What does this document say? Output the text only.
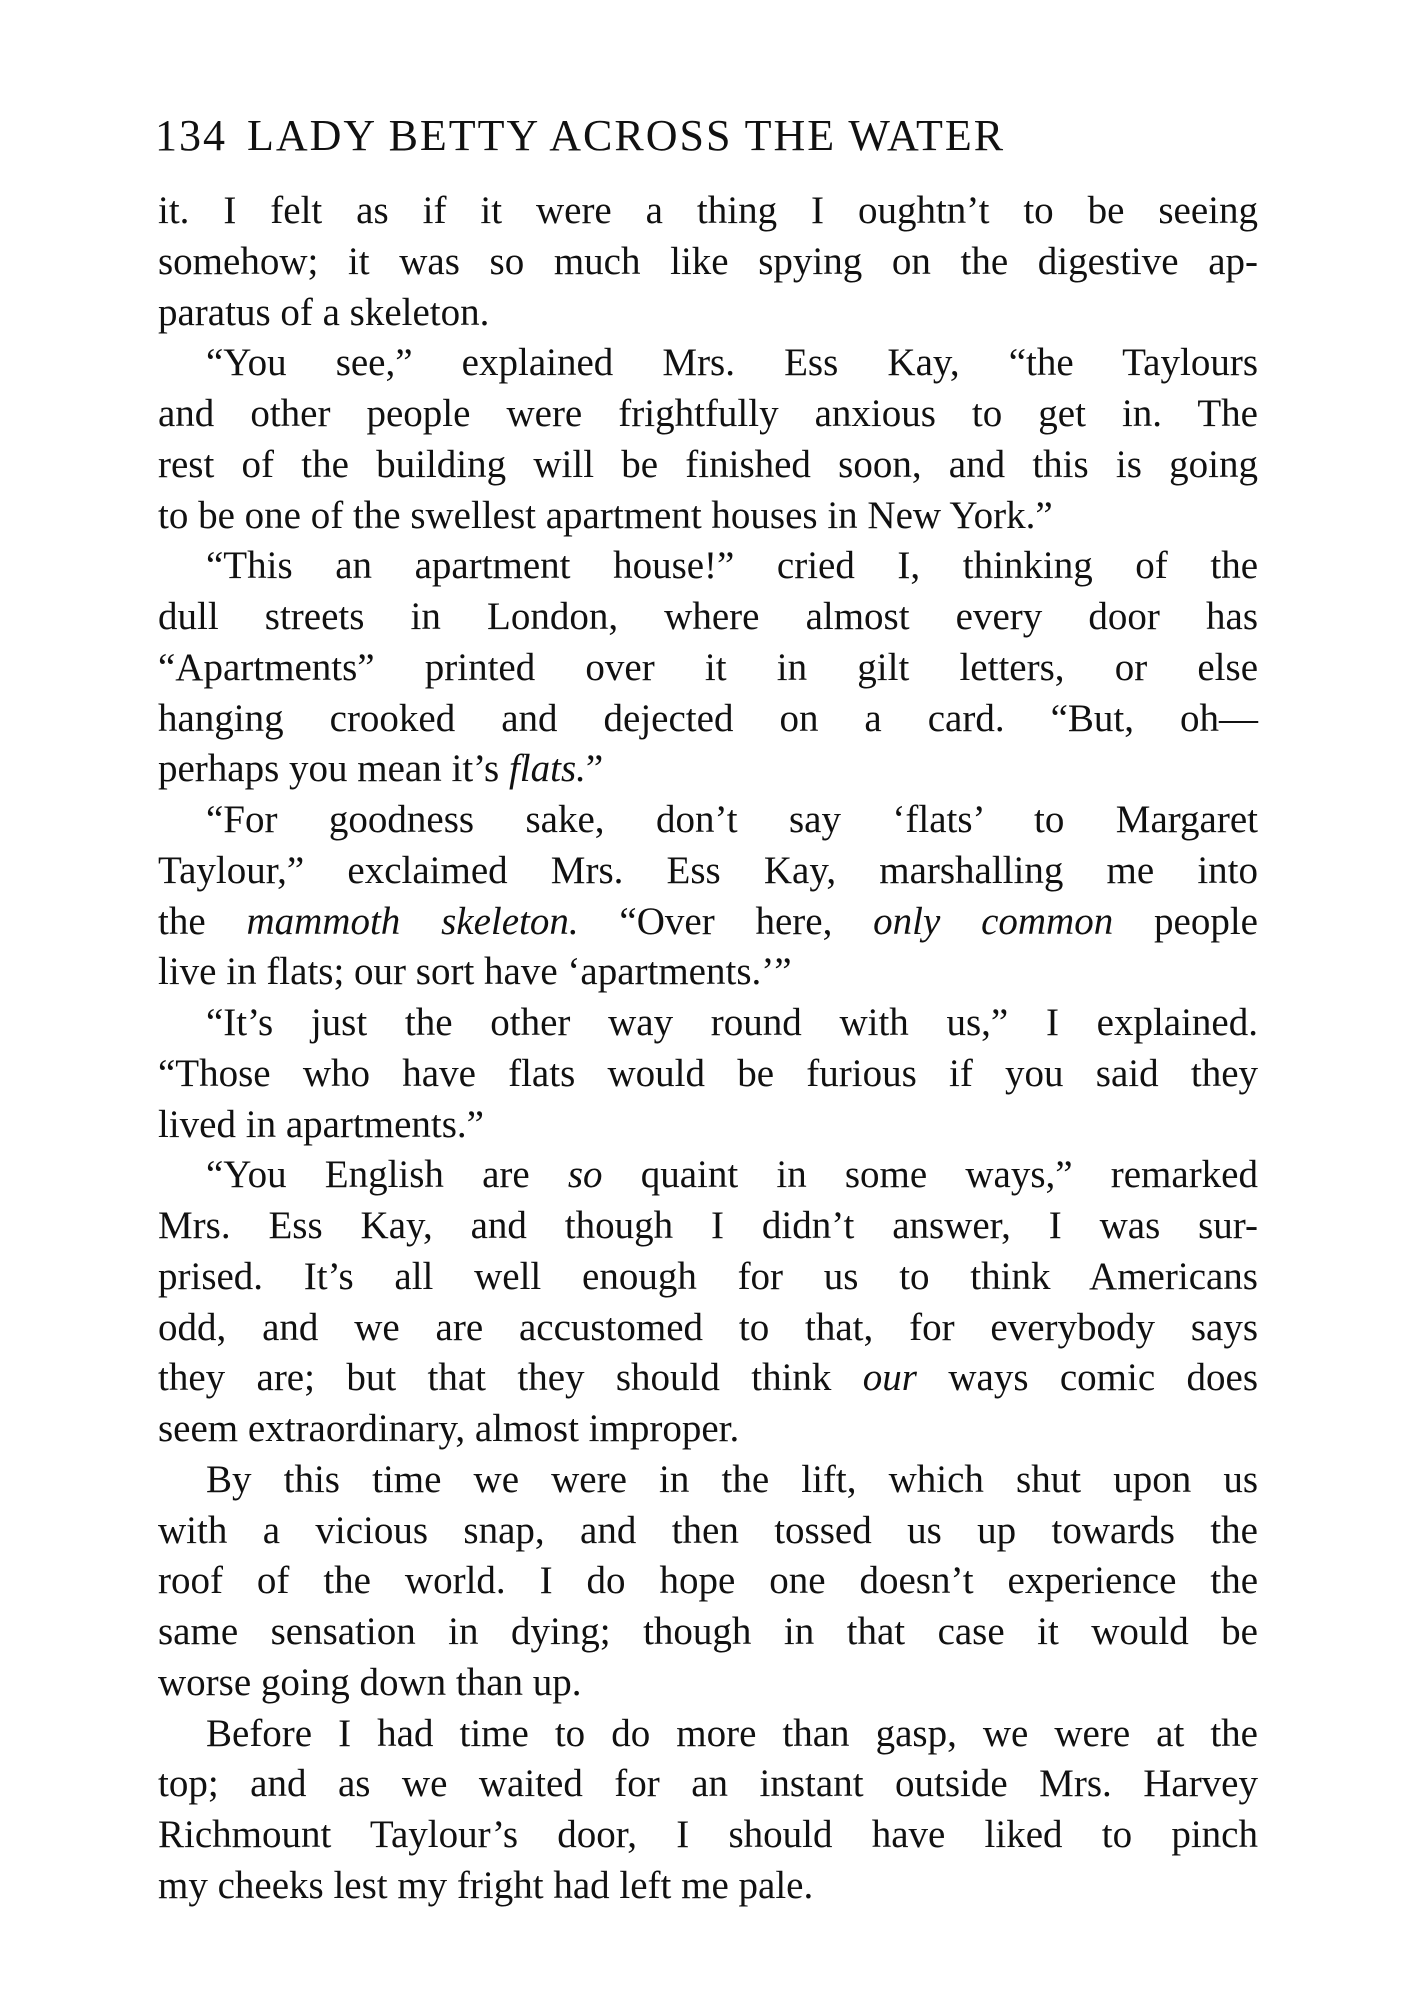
134 LADY BETTY ACROSS THE WATER
it. I felt as if it were a thing I oughtn’t to be seeing
somehow; it was so much like spying on the digestive ap-
paratus of a skeleton.
“You see,” explained Mrs. Ess Kay, “the Taylours
and other people were frightfully anxious to get in. The
rest of the building will be finished soon, and this is going
to be one of the swellest apartment houses in New York.”
“This an apartment house!” cried I, thinking of the
dull streets in London, where almost every door has
“Apartments” printed over it in gilt letters, or else
hanging crooked and dejected on a card. “But, oh—
perhaps you mean it’s flats.”
“For goodness sake, don’t say ‘flats’ to Margaret
Taylour,” exclaimed Mrs. Ess Kay, marshalling me into
the mammoth skeleton. “Over here, only common people
live in flats; our sort have ‘apartments.’”
“It’s just the other way round with us,” I explained.
“Those who have flats would be furious if you said they
lived in apartments.”
“You English are so quaint in some ways,” remarked
Mrs. Ess Kay, and though I didn’t answer, I was sur-
prised. It’s all well enough for us to think Americans
odd, and we are accustomed to that, for everybody says
they are; but that they should think our ways comic does
seem extraordinary, almost improper.
By this time we were in the lift, which shut upon us
with a vicious snap, and then tossed us up towards the
roof of the world. I do hope one doesn’t experience the
same sensation in dying; though in that case it would be
worse going down than up.
Before I had time to do more than gasp, we were at the
top; and as we waited for an instant outside Mrs. Harvey
Richmount Taylour’s door, I should have liked to pinch
my cheeks lest my fright had left me pale.
